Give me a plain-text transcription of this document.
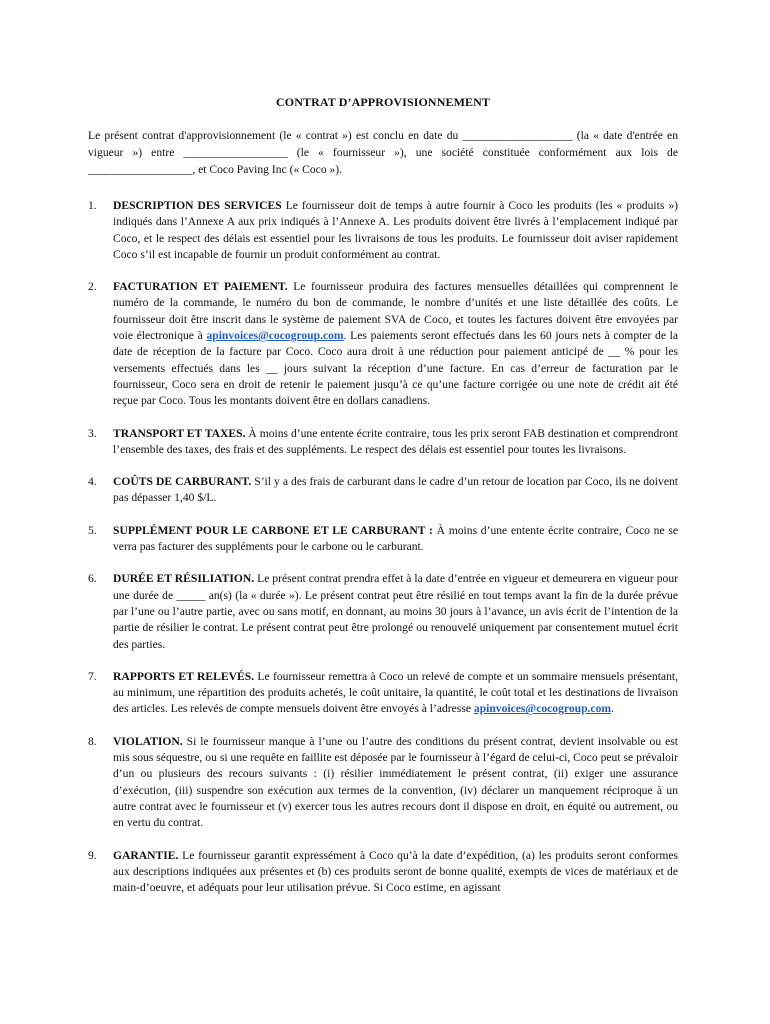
CONTRAT D’APPROVISIONNEMENT

Le présent contrat d'approvisionnement (le « contrat ») est conclu en date du ___________________ (la « date d'entrée en vigueur ») entre __________________ (le « fournisseur »), une société constituée conformément aux lois de __________________, et Coco Paving Inc (« Coco »).

1.	DESCRIPTION DES SERVICES Le fournisseur doit de temps à autre fournir à Coco les produits (les « produits ») indiqués dans l’Annexe A aux prix indiqués à l’Annexe A. Les produits doivent être livrés à l’emplacement indiqué par Coco, et le respect des délais est essentiel pour les livraisons de tous les produits. Le fournisseur doit aviser rapidement Coco s’il est incapable de fournir un produit conformément au contrat.
2.	FACTURATION ET PAIEMENT. Le fournisseur produira des factures mensuelles détaillées qui comprennent le numéro de la commande, le numéro du bon de commande, le nombre d’unités et une liste détaillée des coûts. Le fournisseur doit être inscrit dans le système de paiement SVA de Coco, et toutes les factures doivent être envoyées par voie électronique à apinvoices@cocogroup.com. Les paiements seront effectués dans les 60 jours nets à compter de la date de réception de la facture par Coco. Coco aura droit à une réduction pour paiement anticipé de __ % pour les versements effectués dans les __ jours suivant la réception d’une facture. En cas d’erreur de facturation par le fournisseur, Coco sera en droit de retenir le paiement jusqu’à ce qu’une facture corrigée ou une note de crédit ait été reçue par Coco. Tous les montants doivent être en dollars canadiens.
3.	TRANSPORT ET TAXES. À moins d’une entente écrite contraire, tous les prix seront FAB destination et comprendront l’ensemble des taxes, des frais et des suppléments. Le respect des délais est essentiel pour toutes les livraisons.
4.	COÛTS DE CARBURANT. S’il y a des frais de carburant dans le cadre d’un retour de location par Coco, ils ne doivent pas dépasser 1,40 $/L.
5.	SUPPLÉMENT POUR LE CARBONE ET LE CARBURANT : À moins d’une entente écrite contraire, Coco ne se verra pas facturer des suppléments pour le carbone ou le carburant.
6.	DURÉE ET RÉSILIATION. Le présent contrat prendra effet à la date d’entrée en vigueur et demeurera en vigueur pour une durée de _____ an(s) (la « durée »). Le présent contrat peut être résilié en tout temps avant la fin de la durée prévue par l’une ou l’autre partie, avec ou sans motif, en donnant, au moins 30 jours à l’avance, un avis écrit de l’intention de la partie de résilier le contrat. Le présent contrat peut être prolongé ou renouvelé uniquement par consentement mutuel écrit des parties.
7.	RAPPORTS ET RELEVÉS. Le fournisseur remettra à Coco un relevé de compte et un sommaire mensuels présentant, au minimum, une répartition des produits achetés, le coût unitaire, la quantité, le coût total et les destinations de livraison des articles. Les relevés de compte mensuels doivent être envoyés à l’adresse apinvoices@cocogroup.com.
8.	VIOLATION. Si le fournisseur manque à l’une ou l’autre des conditions du présent contrat, devient insolvable ou est mis sous séquestre, ou si une requête en faillite est déposée par le fournisseur à l’égard de celui-ci, Coco peut se prévaloir d’un ou plusieurs des recours suivants : (i) résilier immédiatement le présent contrat, (ii) exiger une assurance d’exécution, (iii) suspendre son exécution aux termes de la convention, (iv) déclarer un manquement réciproque à un autre contrat avec le fournisseur et (v) exercer tous les autres recours dont il dispose en droit, en équité ou autrement, ou en vertu du contrat.
9.	GARANTIE. Le fournisseur garantit expressément à Coco qu’à la date d’expédition, (a) les produits seront conformes aux descriptions indiquées aux présentes et (b) ces produits seront de bonne qualité, exempts de vices de matériaux et de main-d’oeuvre, et adéquats pour leur utilisation prévue. Si Coco estime, en agissant
